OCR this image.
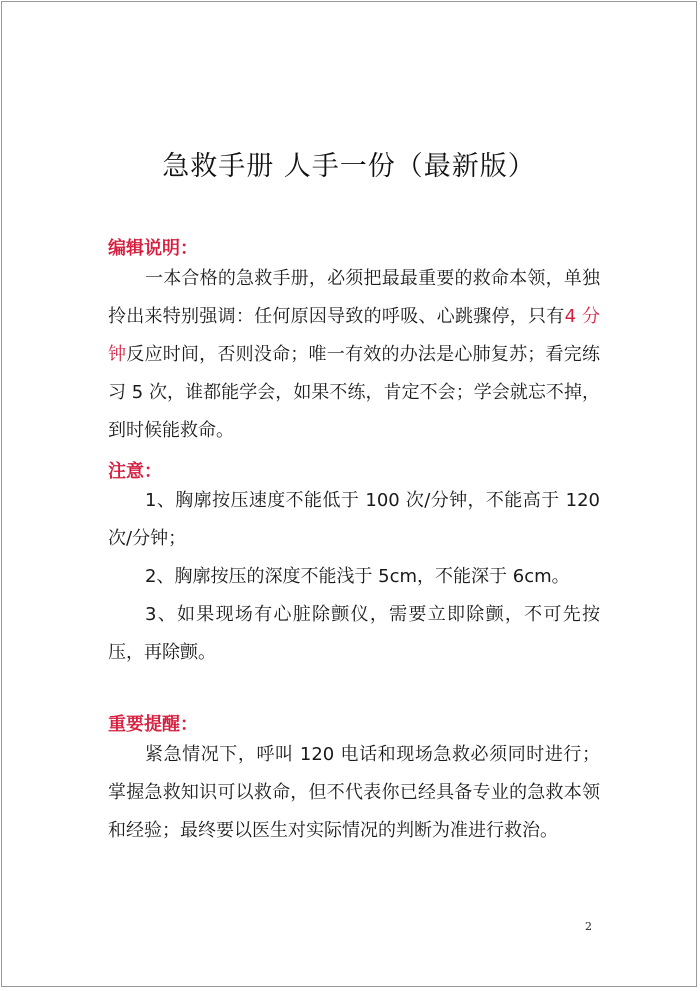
急救手册 人手一份（最新版）
编辑说明：
一本合格的急救手册，必须把最最重要的救命本领，单独拎出来特别强调：任何原因导致的呼吸、心跳骤停，只有4 分钟反应时间，否则没命；唯一有效的办法是心肺复苏；看完练习 5 次，谁都能学会，如果不练，肯定不会；学会就忘不掉，到时候能救命。
注意：
1、胸廓按压速度不能低于 100 次/分钟，不能高于 120 次/分钟；
2、胸廓按压的深度不能浅于 5cm，不能深于 6cm。
3、如果现场有心脏除颤仪，需要立即除颤，不可先按压，再除颤。
重要提醒：
紧急情况下，呼叫 120 电话和现场急救必须同时进行；掌握急救知识可以救命，但不代表你已经具备专业的急救本领和经验；最终要以医生对实际情况的判断为准进行救治。
2
